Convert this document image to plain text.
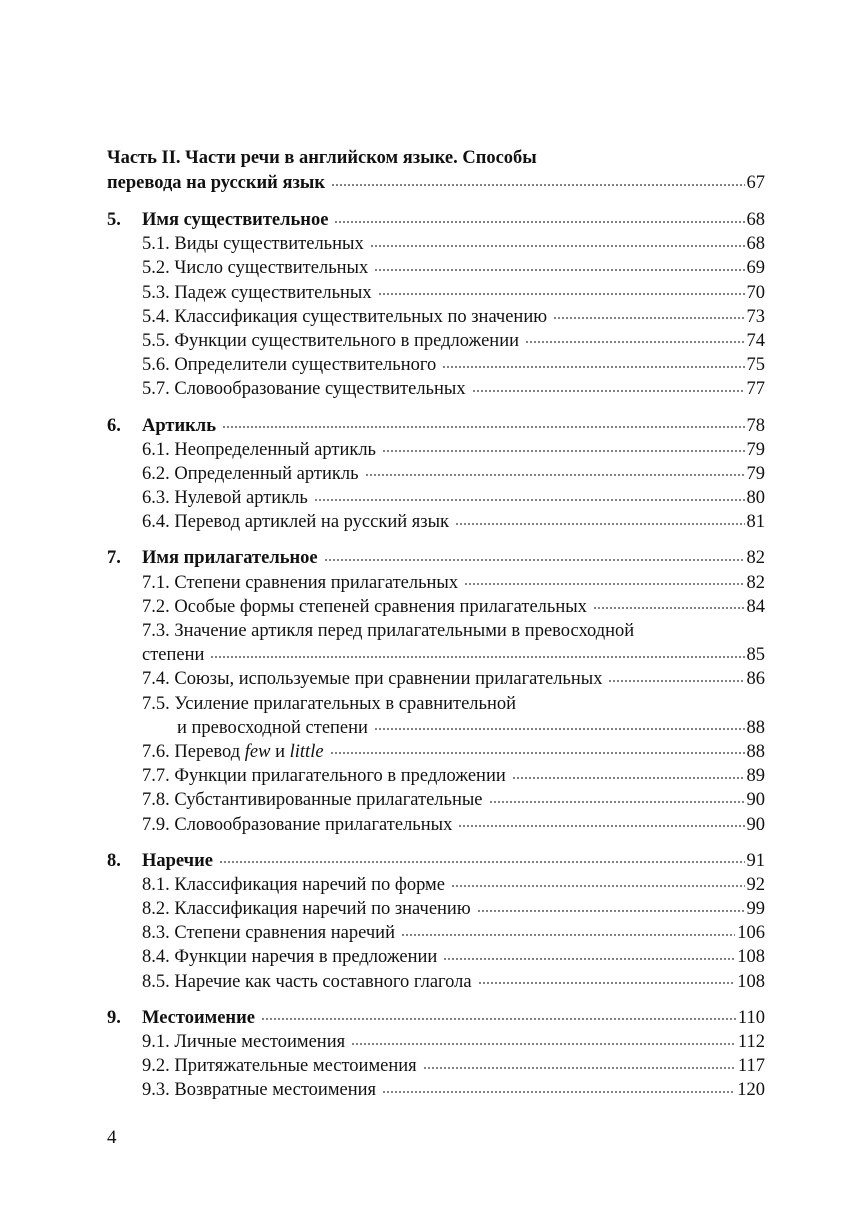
Часть II. Части речи в английском языке. Способы
перевода на русский язык	67
5.	Имя существительное	68
5.1. Виды существительных	68
5.2. Число существительных	69
5.3. Падеж существительных	70
5.4. Классификация существительных по значению	73
5.5. Функции существительного в предложении	74
5.6. Определители существительного	75
5.7. Словообразование существительных	77
6.	Артикль	78
6.1. Неопределенный артикль	79
6.2. Определенный артикль	79
6.3. Нулевой артикль	80
6.4. Перевод артиклей на русский язык	81
7.	Имя прилагательное	82
7.1. Степени сравнения прилагательных	82
7.2. Особые формы степеней сравнения прилагательных	84
7.3. Значение артикля перед прилагательными в превосходной
степени	85
7.4. Союзы, используемые при сравнении прилагательных	86
7.5. Усиление прилагательных в сравнительной
и превосходной степени	88
7.6. Перевод few и little	88
7.7. Функции прилагательного в предложении	89
7.8. Субстантивированные прилагательные	90
7.9. Словообразование прилагательных	90
8.	Наречие	91
8.1. Классификация наречий по форме	92
8.2. Классификация наречий по значению	99
8.3. Степени сравнения наречий	106
8.4. Функции наречия в предложении	108
8.5. Наречие как часть составного глагола	108
9.	Местоимение	110
9.1. Личные местоимения	112
9.2. Притяжательные местоимения	117
9.3. Возвратные местоимения	120
4
